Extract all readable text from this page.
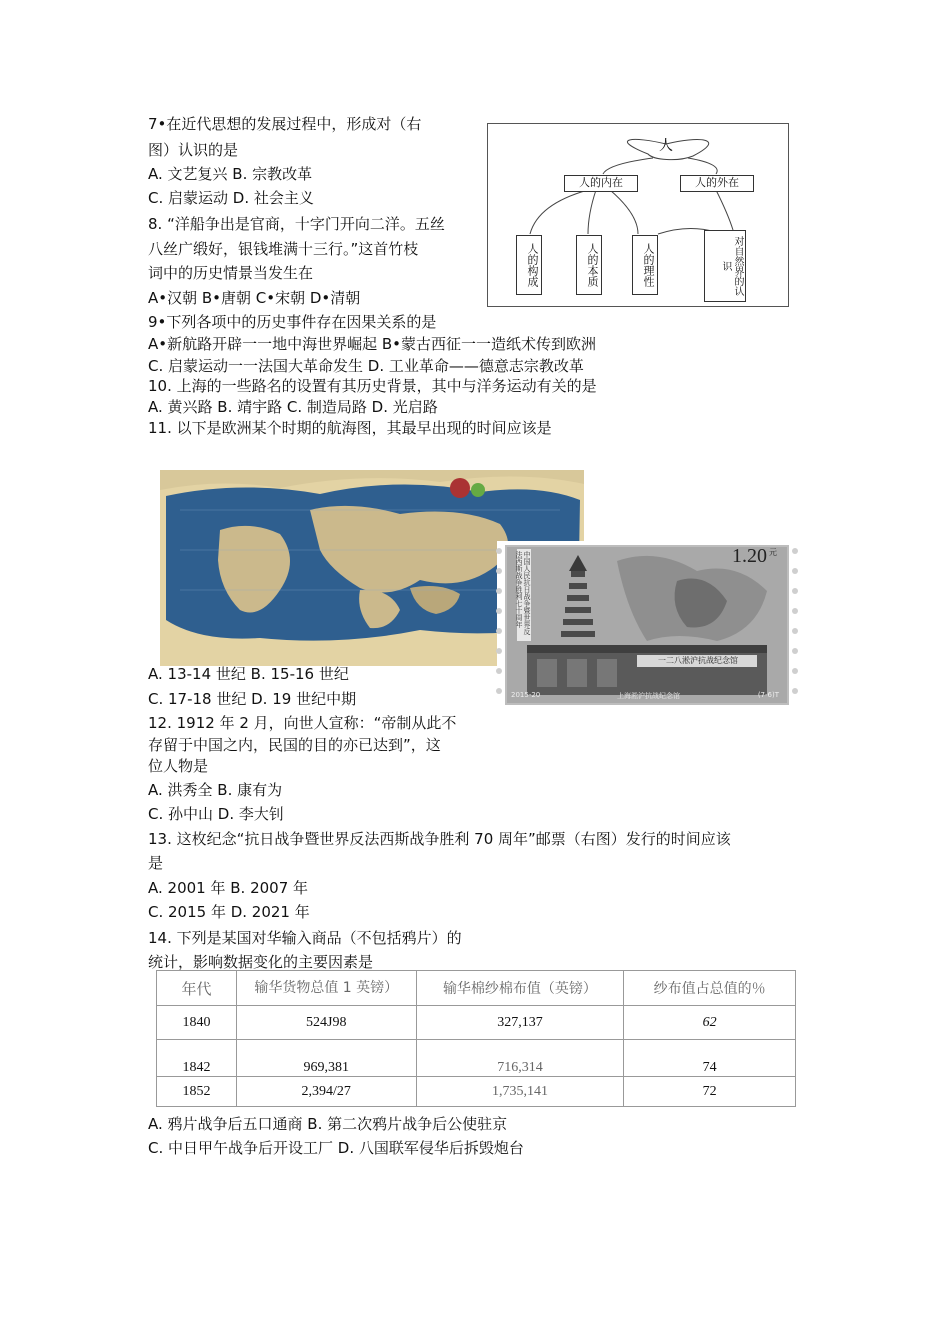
7•在近代思想的发展过程中，形成对（右
图）认识的是
A. 文艺复兴 B. 宗教改革
C. 启蒙运动 D. 社会主义
人
人的内在	人的外在
人的构成	人的本质	人的理性	对自然界的认识
8. “洋船争出是官商，十字门开向二洋。五丝
八丝广缎好，银钱堆满十三行。”这首竹枝
词中的历史情景当发生在
A•汉朝 B•唐朝 C•宋朝 D•清朝
9•下列各项中的历史事件存在因果关系的是
A•新航路开辟一一地中海世界崛起 B•蒙古西征一一造纸术传到欧洲
C. 启蒙运动一一法国大革命发生 D. 工业革命——德意志宗教改革
10. 上海的一些路名的设置有其历史背景，其中与洋务运动有关的是
A. 黄兴路 B. 靖宇路 C. 制造局路 D. 光启路
11. 以下是欧洲某个时期的航海图，其最早出现的时间应该是
中国人民抗日战争暨世界反法西斯战争胜利七十周年
一二八淞沪抗战纪念馆
1.20 元
2015-20	上海淞沪抗战纪念馆	(7-6)T
A. 13-14 世纪 B. 15-16 世纪
C. 17-18 世纪 D. 19 世纪中期
12. 1912 年 2 月，向世人宣称：“帝制从此不
存留于中国之内，民国的目的亦已达到”，这
位人物是
A. 洪秀全 B. 康有为
C. 孙中山 D. 李大钊
13. 这枚纪念“抗日战争暨世界反法西斯战争胜利 70 周年”邮票（右图）发行的时间应该
是
A. 2001 年 B. 2007 年
C. 2015 年 D. 2021 年
14. 下列是某国对华输入商品（不包括鸦片）的
统计，影响数据变化的主要因素是
年代	输华货物总值 1 英镑）	输华棉纱棉布值（英镑）	纱布值占总值的％
1840	524J98	327,137	62
1842	969,381	716,314	74
1852	2,394/27	1,735,141	72
A. 鸦片战争后五口通商 B. 第二次鸦片战争后公使驻京
C. 中日甲午战争后开设工厂 D. 八国联军侵华后拆毁炮台
